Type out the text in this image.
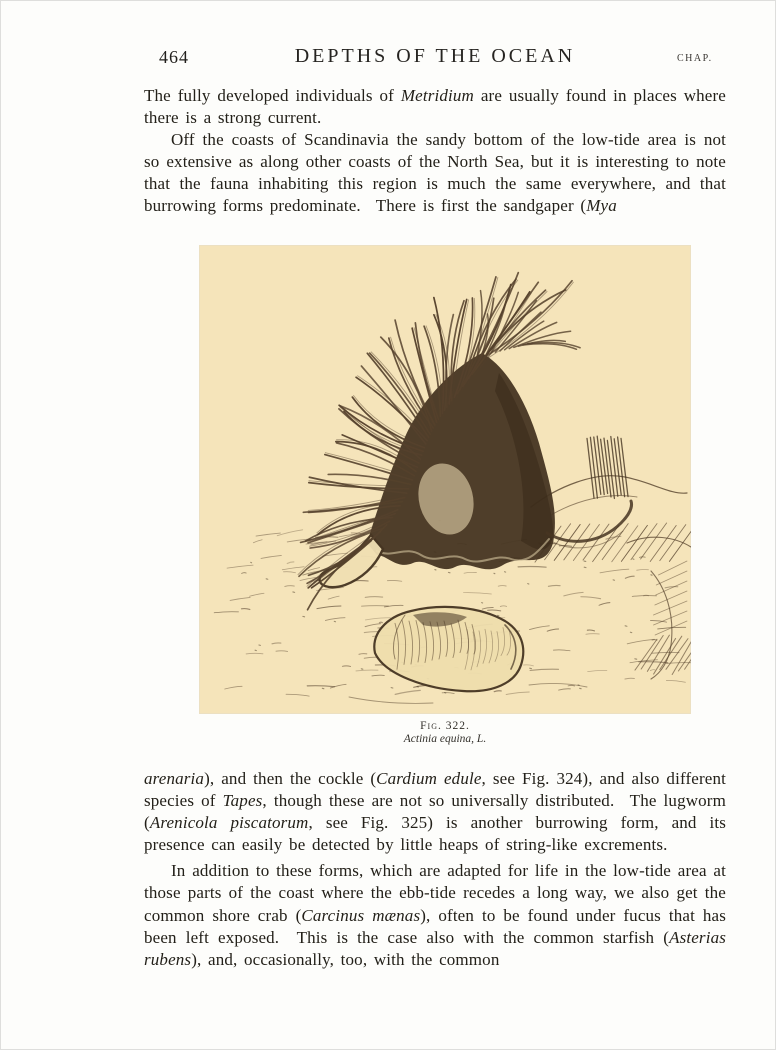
464	DEPTHS OF THE OCEAN	CHAP.

The fully developed individuals of Metridium are usually found in places where there is a strong current.

Off the coasts of Scandinavia the sandy bottom of the low-tide area is not so extensive as along other coasts of the North Sea, but it is interesting to note that the fauna inhabiting this region is much the same everywhere, and that burrowing forms predominate.  There is first the sandgaper (Mya

Fig. 322.
Actinia equina, L.

arenaria), and then the cockle (Cardium edule, see Fig. 324), and also different species of Tapes, though these are not so universally distributed.  The lugworm (Arenicola piscatorum, see Fig. 325) is another burrowing form, and its presence can easily be detected by little heaps of string-like excrements.

In addition to these forms, which are adapted for life in the low-tide area at those parts of the coast where the ebb-tide recedes a long way, we also get the common shore crab (Carcinus mænas), often to be found under fucus that has been left exposed.  This is the case also with the common starfish (Asterias rubens), and, occasionally, too, with the common
